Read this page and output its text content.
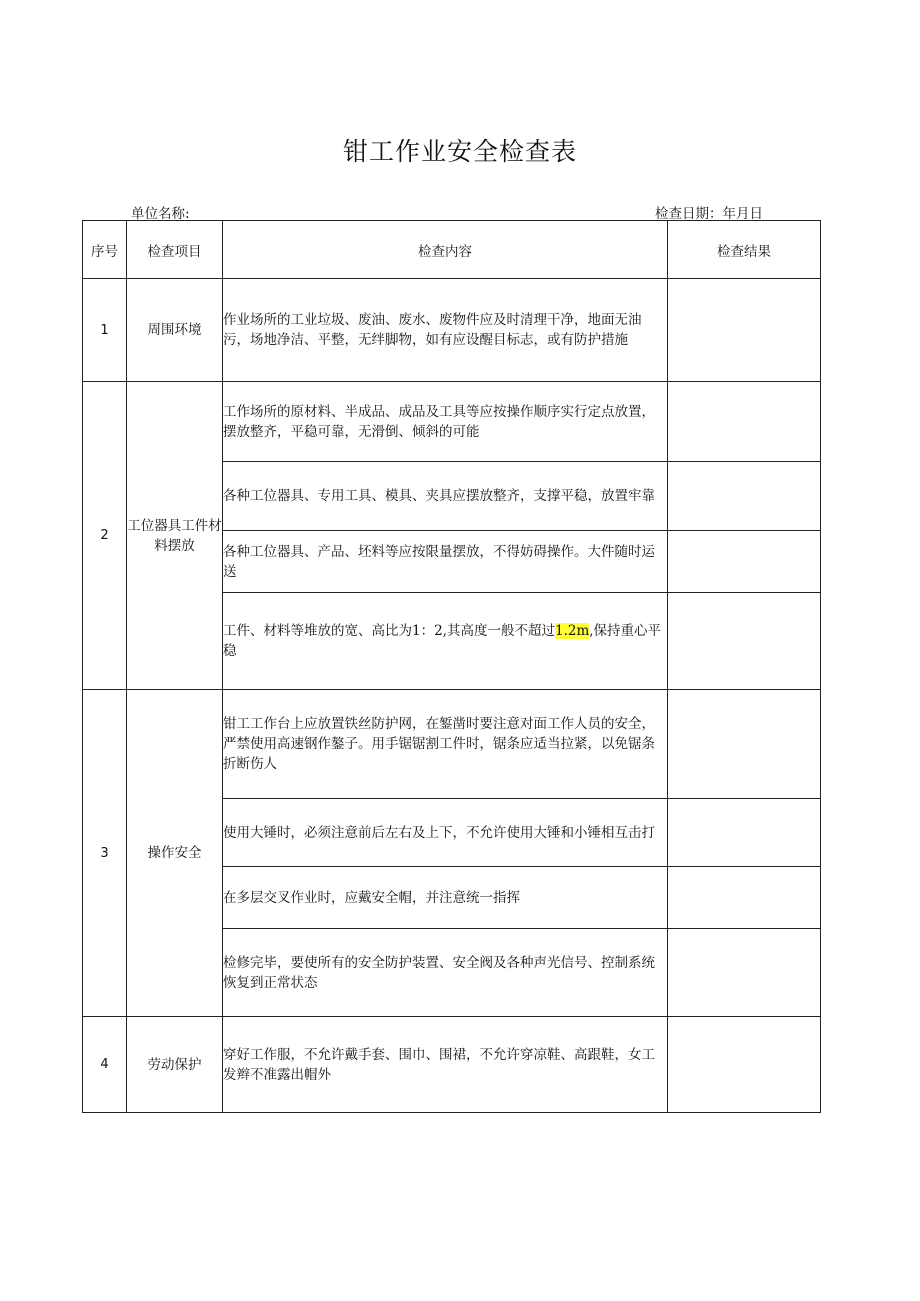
钳工作业安全检查表
单位名称:	检查日期：年月日
序号	检查项目	检查内容	检查结果
1	周围环境	作业场所的工业垃圾、废油、废水、废物件应及时清理干净，地面无油污，场地净洁、平整，无绊脚物，如有应设醒目标志，或有防护措施	
2	工位器具工件材料摆放	工作场所的原材料、半成品、成品及工具等应按操作顺序实行定点放置，摆放整齐，平稳可靠，无滑倒、倾斜的可能	
		各种工位器具、专用工具、模具、夹具应摆放整齐，支撑平稳，放置牢靠	
		各种工位器具、产品、坯料等应按限量摆放，不得妨碍操作。大件随时运送	
		工件、材料等堆放的宽、高比为1：2,其高度一般不超过1.2m,保持重心平稳	
3	操作安全	钳工工作台上应放置铁丝防护网，在錾凿时要注意对面工作人员的安全，严禁使用高速钢作鏊子。用手锯锯割工件时，锯条应适当拉紧，以免锯条折断伤人	
		使用大锤时，必须注意前后左右及上下，不允许使用大锤和小锤相互击打	
		在多层交叉作业时，应戴安全帽，并注意统一指挥	
		检修完毕，要使所有的安全防护装置、安全阀及各种声光信号、控制系统恢复到正常状态	
4	劳动保护	穿好工作服，不允许戴手套、围巾、围裙，不允许穿凉鞋、高跟鞋，女工发辫不准露出帽外	
